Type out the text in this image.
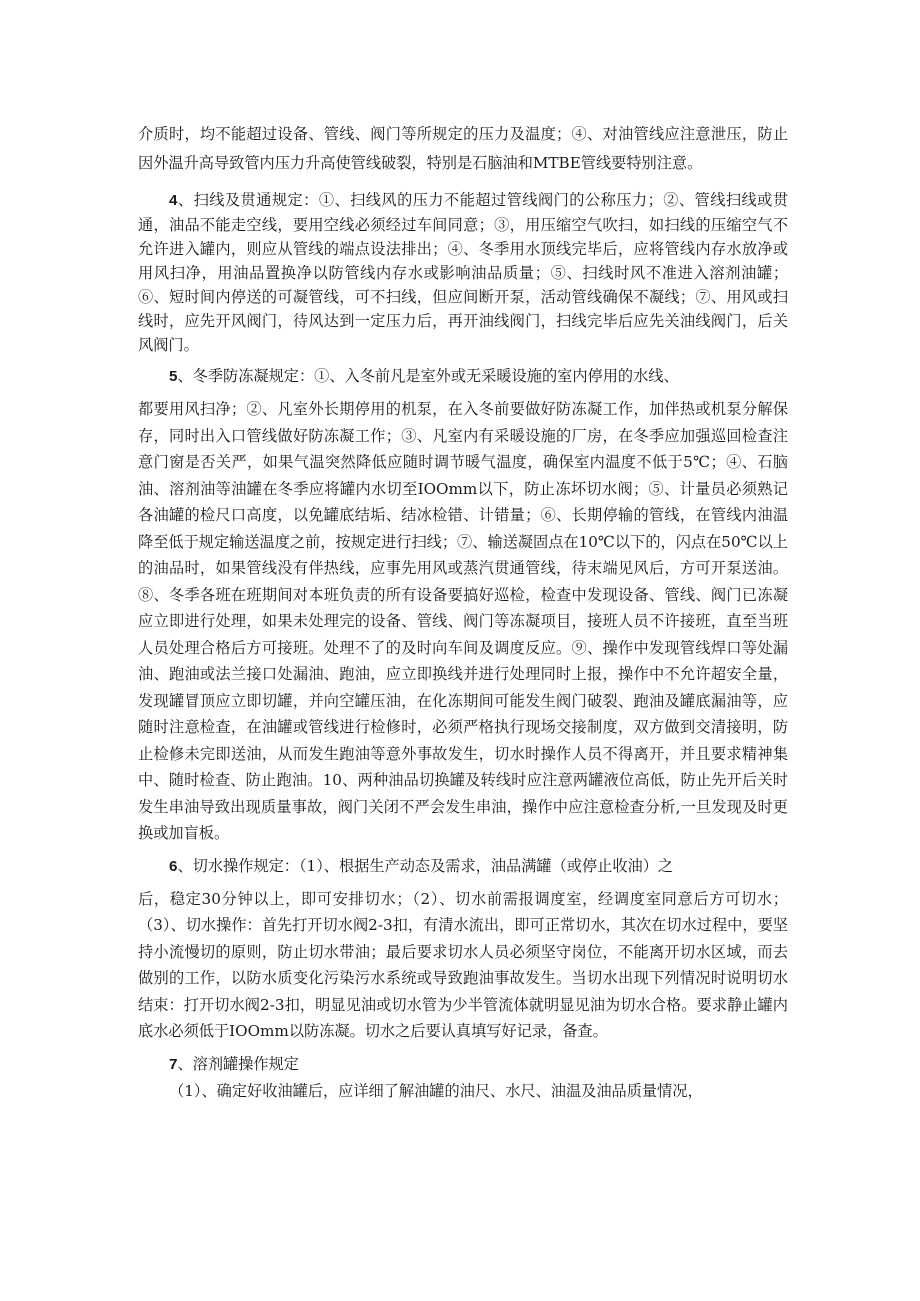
介质时，均不能超过设备、管线、阀门等所规定的压力及温度；④、对油管线应注意泄压，防止因外温升高导致管内压力升高使管线破裂，特别是石脑油和MTBE管线要特别注意。

4、扫线及贯通规定：①、扫线风的压力不能超过管线阀门的公称压力；②、管线扫线或贯通，油品不能走空线，要用空线必须经过车间同意；③，用压缩空气吹扫，如扫线的压缩空气不允许进入罐内，则应从管线的端点设法排出；④、冬季用水顶线完毕后，应将管线内存水放净或用风扫净，用油品置换净以防管线内存水或影响油品质量；⑤、扫线时风不准进入溶剂油罐；⑥、短时间内停送的可凝管线，可不扫线，但应间断开泵，活动管线确保不凝线；⑦、用风或扫线时，应先开风阀门，待风达到一定压力后，再开油线阀门，扫线完毕后应先关油线阀门，后关风阀门。

5、冬季防冻凝规定：①、入冬前凡是室外或无采暖设施的室内停用的水线、

都要用风扫净；②、凡室外长期停用的机泵，在入冬前要做好防冻凝工作，加伴热或机泵分解保存，同时出入口管线做好防冻凝工作；③、凡室内有采暖设施的厂房，在冬季应加强巡回检查注意门窗是否关严，如果气温突然降低应随时调节暖气温度，确保室内温度不低于5℃；④、石脑油、溶剂油等油罐在冬季应将罐内水切至IOOmm以下，防止冻坏切水阀；⑤、计量员必须熟记各油罐的检尺口高度，以免罐底结垢、结冰检错、计错量；⑥、长期停输的管线，在管线内油温降至低于规定输送温度之前，按规定进行扫线；⑦、输送凝固点在10℃以下的，闪点在50℃以上的油品时，如果管线没有伴热线，应事先用风或蒸汽贯通管线，待末端见风后，方可开泵送油。⑧、冬季各班在班期间对本班负责的所有设备要搞好巡检，检查中发现设备、管线、阀门已冻凝应立即进行处理，如果未处理完的设备、管线、阀门等冻凝项目，接班人员不许接班，直至当班人员处理合格后方可接班。处理不了的及时向车间及调度反应。⑨、操作中发现管线焊口等处漏油、跑油或法兰接口处漏油、跑油，应立即换线并进行处理同时上报，操作中不允许超安全量，发现罐冒顶应立即切罐，并向空罐压油，在化冻期间可能发生阀门破裂、跑油及罐底漏油等，应随时注意检查，在油罐或管线进行检修时，必须严格执行现场交接制度，双方做到交清接明，防止检修未完即送油，从而发生跑油等意外事故发生，切水时操作人员不得离开，并且要求精神集中、随时检查、防止跑油。10、两种油品切换罐及转线时应注意两罐液位高低，防止先开后关时发生串油导致出现质量事故，阀门关闭不严会发生串油，操作中应注意检查分析,一旦发现及时更换或加盲板。

6、切水操作规定：（1）、根据生产动态及需求，油品满罐（或停止收油）之

后，稳定30分钟以上，即可安排切水；（2）、切水前需报调度室，经调度室同意后方可切水；（3）、切水操作：首先打开切水阀2-3扣，有清水流出，即可正常切水，其次在切水过程中，要坚持小流慢切的原则，防止切水带油；最后要求切水人员必须坚守岗位，不能离开切水区域，而去做别的工作，以防水质变化污染污水系统或导致跑油事故发生。当切水出现下列情况时说明切水结束：打开切水阀2-3扣，明显见油或切水管为少半管流体就明显见油为切水合格。要求静止罐内底水必须低于IOOmm以防冻凝。切水之后要认真填写好记录，备查。

7、溶剂罐操作规定

（1）、确定好收油罐后，应详细了解油罐的油尺、水尺、油温及油品质量情况，
